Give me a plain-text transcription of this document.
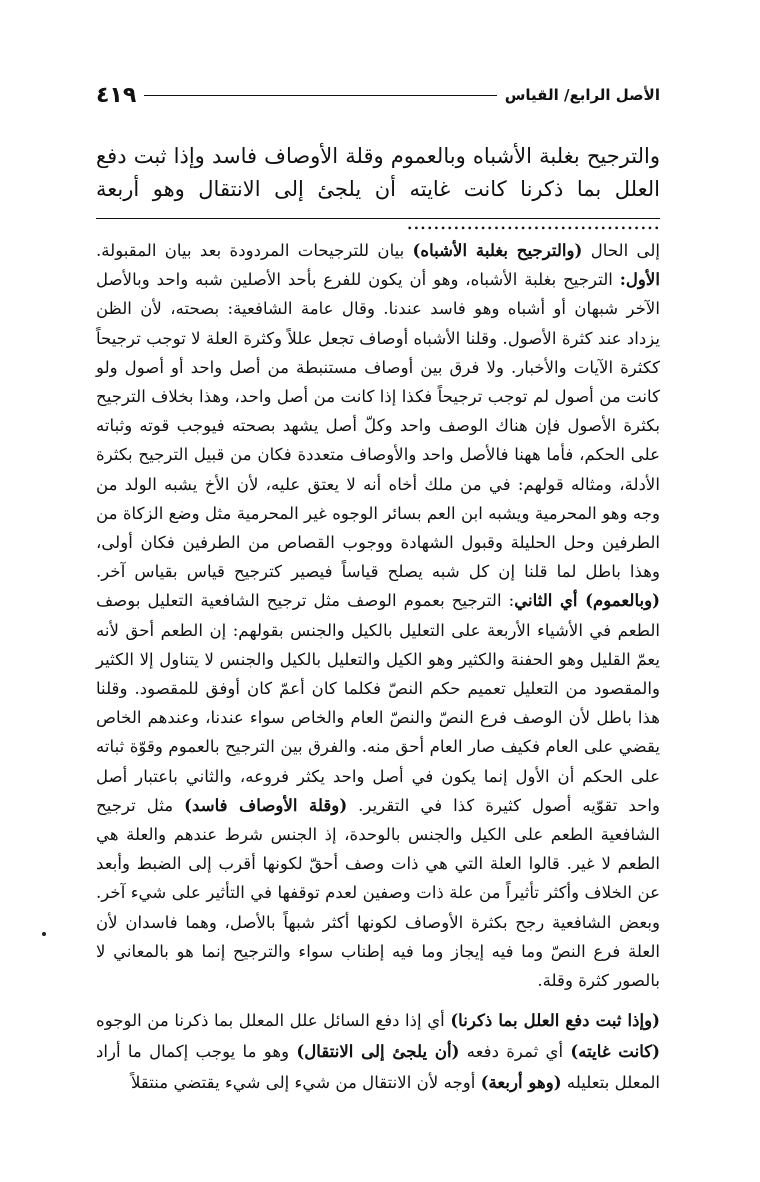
الأصل الرابع/ القياس
٤١٩
والترجيح بغلبة الأشباه وبالعموم وقلة الأوصاف فاسد وإذا ثبت دفع العلل بما ذكرنا كانت غايته أن يلجئ إلى الانتقال وهو أربعة ......................................

إلى الحال (والترجيح بغلبة الأشباه) بيان للترجيحات المردودة بعد بيان المقبولة. الأول: الترجيح بغلبة الأشباه، وهو أن يكون للفرع بأحد الأصلين شبه واحد وبالأصل الآخر شبهان أو أشباه وهو فاسد عندنا. وقال عامة الشافعية: بصحته، لأن الظن يزداد عند كثرة الأصول. وقلنا الأشباه أوصاف تجعل عللاً وكثرة العلة لا توجب ترجيحاً ككثرة الآيات والأخبار. ولا فرق بين أوصاف مستنبطة من أصل واحد أو أصول ولو كانت من أصول لم توجب ترجيحاً فكذا إذا كانت من أصل واحد، وهذا بخلاف الترجيح بكثرة الأصول فإن هناك الوصف واحد وكلّ أصل يشهد بصحته فيوجب قوته وثباته على الحكم، فأما ههنا فالأصل واحد والأوصاف متعددة فكان من قبيل الترجيح بكثرة الأدلة، ومثاله قولهم: في من ملك أخاه أنه لا يعتق عليه، لأن الأخ يشبه الولد من وجه وهو المحرمية ويشبه ابن العم بسائر الوجوه غير المحرمية مثل وضع الزكاة من الطرفين وحل الحليلة وقبول الشهادة ووجوب القصاص من الطرفين فكان أولى، وهذا باطل لما قلنا إن كل شبه يصلح قياساً فيصير كترجيح قياس بقياس آخر. (وبالعموم) أي الثاني: الترجيح بعموم الوصف مثل ترجيح الشافعية التعليل بوصف الطعم في الأشياء الأربعة على التعليل بالكيل والجنس بقولهم: إن الطعم أحق لأنه يعمّ القليل وهو الحفنة والكثير وهو الكيل والتعليل بالكيل والجنس لا يتناول إلا الكثير والمقصود من التعليل تعميم حكم النصّ فكلما كان أعمّ كان أوفق للمقصود. وقلنا هذا باطل لأن الوصف فرع النصّ والنصّ العام والخاص سواء عندنا، وعندهم الخاص يقضي على العام فكيف صار العام أحق منه. والفرق بين الترجيح بالعموم وقوّة ثباته على الحكم أن الأول إنما يكون في أصل واحد يكثر فروعه، والثاني باعتبار أصل واحد تقوّيه أصول كثيرة كذا في التقرير. (وقلة الأوصاف فاسد) مثل ترجيح الشافعية الطعم على الكيل والجنس بالوحدة، إذ الجنس شرط عندهم والعلة هي الطعم لا غير. قالوا العلة التي هي ذات وصف أحقّ لكونها أقرب إلى الضبط وأبعد عن الخلاف وأكثر تأثيراً من علة ذات وصفين لعدم توقفها في التأثير على شيء آخر. وبعض الشافعية رجح بكثرة الأوصاف لكونها أكثر شبهاً بالأصل، وهما فاسدان لأن العلة فرع النصّ وما فيه إيجاز وما فيه إطناب سواء والترجيح إنما هو بالمعاني لا بالصور كثرة وقلة.

(وإذا ثبت دفع العلل بما ذكرنا) أي إذا دفع السائل علل المعلل بما ذكرنا من الوجوه (كانت غايته) أي ثمرة دفعه (أن يلجئ إلى الانتقال) وهو ما يوجب إكمال ما أراد المعلل بتعليله (وهو أربعة) أوجه لأن الانتقال من شيء إلى شيء يقتضي منتقلاً
